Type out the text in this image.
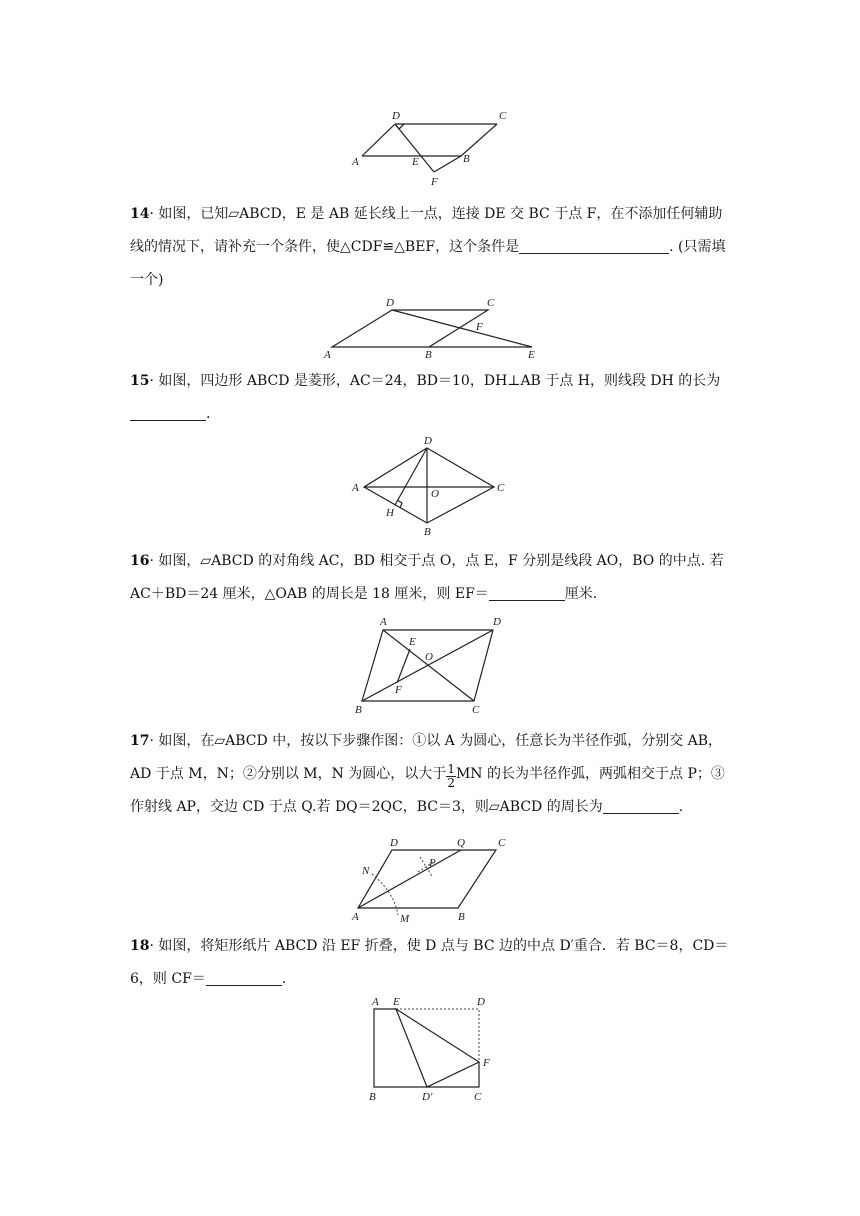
D	C
A	E	B
F
D	C
F
A	B	E
D
A	O	C
H
B
A	D
E
O
F
B	C
D	Q	C
N
P
A	M	B
A E	D
F
B	D′	C
14· 如图，已知▱ABCD，E 是 AB 延长线上一点，连接 DE 交 BC 于点 F，在不添加任何辅助线的情况下，请补充一个条件，使△CDF≌△BEF，这个条件是	. (只需填一个)
15· 如图，四边形 ABCD 是菱形，AC＝24，BD＝10，DH⊥AB 于点 H，则线段 DH 的长为.
16· 如图，▱ABCD 的对角线 AC，BD 相交于点 O，点 E，F 分别是线段 AO，BO 的中点. 若 AC＋BD＝24 厘米，△OAB 的周长是 18 厘米，则 EF＝	厘米.
17· 如图，在▱ABCD 中，按以下步骤作图：①以 A 为圆心，任意长为半径作弧，分别交 AB，AD 于点 M，N；②分别以 M，N 为圆心，以大于 $\frac{1}{2}$ MN 的长为半径作弧，两弧相交于点 P；③作射线 AP，交边 CD 于点 Q.若 DQ＝2QC，BC＝3，则▱ABCD 的周长为	.
18· 如图，将矩形纸片 ABCD 沿 EF 折叠，使 D 点与 BC 边的中点 D′重合．若 BC＝8，CD＝6，则 CF＝	.
